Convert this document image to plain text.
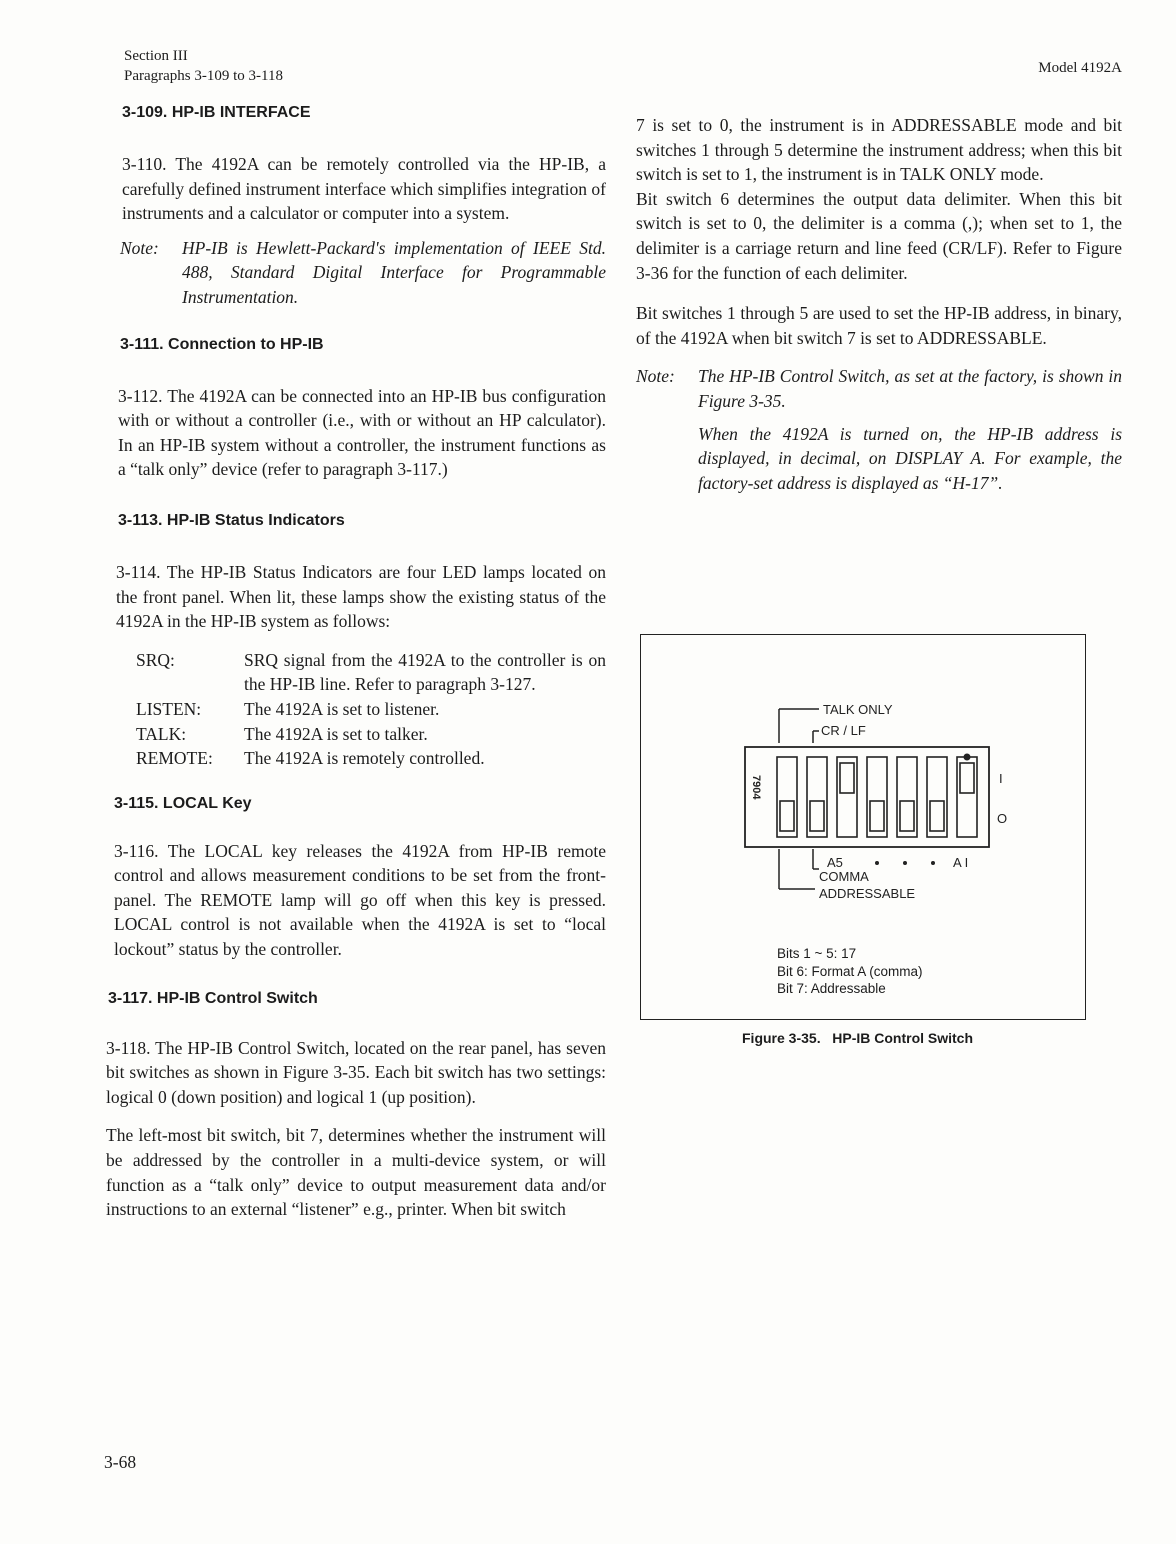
Section III
Paragraphs 3-109 to 3-118	Model 4192A
3-109. HP-IB INTERFACE

3-110. The 4192A can be remotely controlled via the HP-IB, a carefully defined instrument interface which simplifies integration of instruments and a calculator or computer into a system.

Note:	HP-IB is Hewlett-Packard's implementation of IEEE Std. 488, Standard Digital Interface for Programmable Instrumentation.
3-111. Connection to HP-IB

3-112. The 4192A can be connected into an HP-IB bus configuration with or without a controller (i.e., with or without an HP calculator). In an HP-IB system without a controller, the instrument functions as a “talk only” device (refer to paragraph 3-117.)

3-113. HP-IB Status Indicators

3-114. The HP-IB Status Indicators are four LED lamps located on the front panel. When lit, these lamps show the existing status of the 4192A in the HP-IB system as follows:

SRQ:	SRQ signal from the 4192A to the controller is on the HP-IB line. Refer to paragraph 3-127.
LISTEN:	The 4192A is set to listener.
TALK:	The 4192A is set to talker.
REMOTE:	The 4192A is remotely controlled.
3-115. LOCAL Key

3-116. The LOCAL key releases the 4192A from HP-IB remote control and allows measurement conditions to be set from the front-panel. The REMOTE lamp will go off when this key is pressed. LOCAL control is not available when the 4192A is set to “local lockout” status by the controller.

3-117. HP-IB Control Switch

3-118. The HP-IB Control Switch, located on the rear panel, has seven bit switches as shown in Figure 3-35. Each bit switch has two settings: logical 0 (down position) and logical 1 (up position).

The left-most bit switch, bit 7, determines whether the instrument will be addressed by the controller in a multi-device system, or will function as a “talk only” device to output measurement data and/or instructions to an external “listener” e.g., printer. When bit switch

7 is set to 0, the instrument is in ADDRESSABLE mode and bit switches 1 through 5 determine the instrument address; when this bit switch is set to 1, the instrument is in TALK ONLY mode.

Bit switch 6 determines the output data delimiter. When this bit switch is set to 0, the delimiter is a comma (,); when set to 1, the delimiter is a carriage return and line feed (CR/LF). Refer to Figure 3-36 for the function of each delimiter.

Bit switches 1 through 5 are used to set the HP-IB address, in binary, of the 4192A when bit switch 7 is set to ADDRESSABLE.

Note:	The HP-IB Control Switch, as set at the factory, is shown in Figure 3-35.
When the 4192A is turned on, the HP-IB address is displayed, in decimal, on DISPLAY A. For example, the factory-set address is displayed as “H-17”.
TALK ONLY
CR / LF
7904	I
O
A5	A I
COMMA
ADDRESSABLE
Bits 1 ~ 5: 17
Bit 6: Format A (comma)
Bit 7: Addressable
Figure 3-35.   HP-IB Control Switch
3-68
